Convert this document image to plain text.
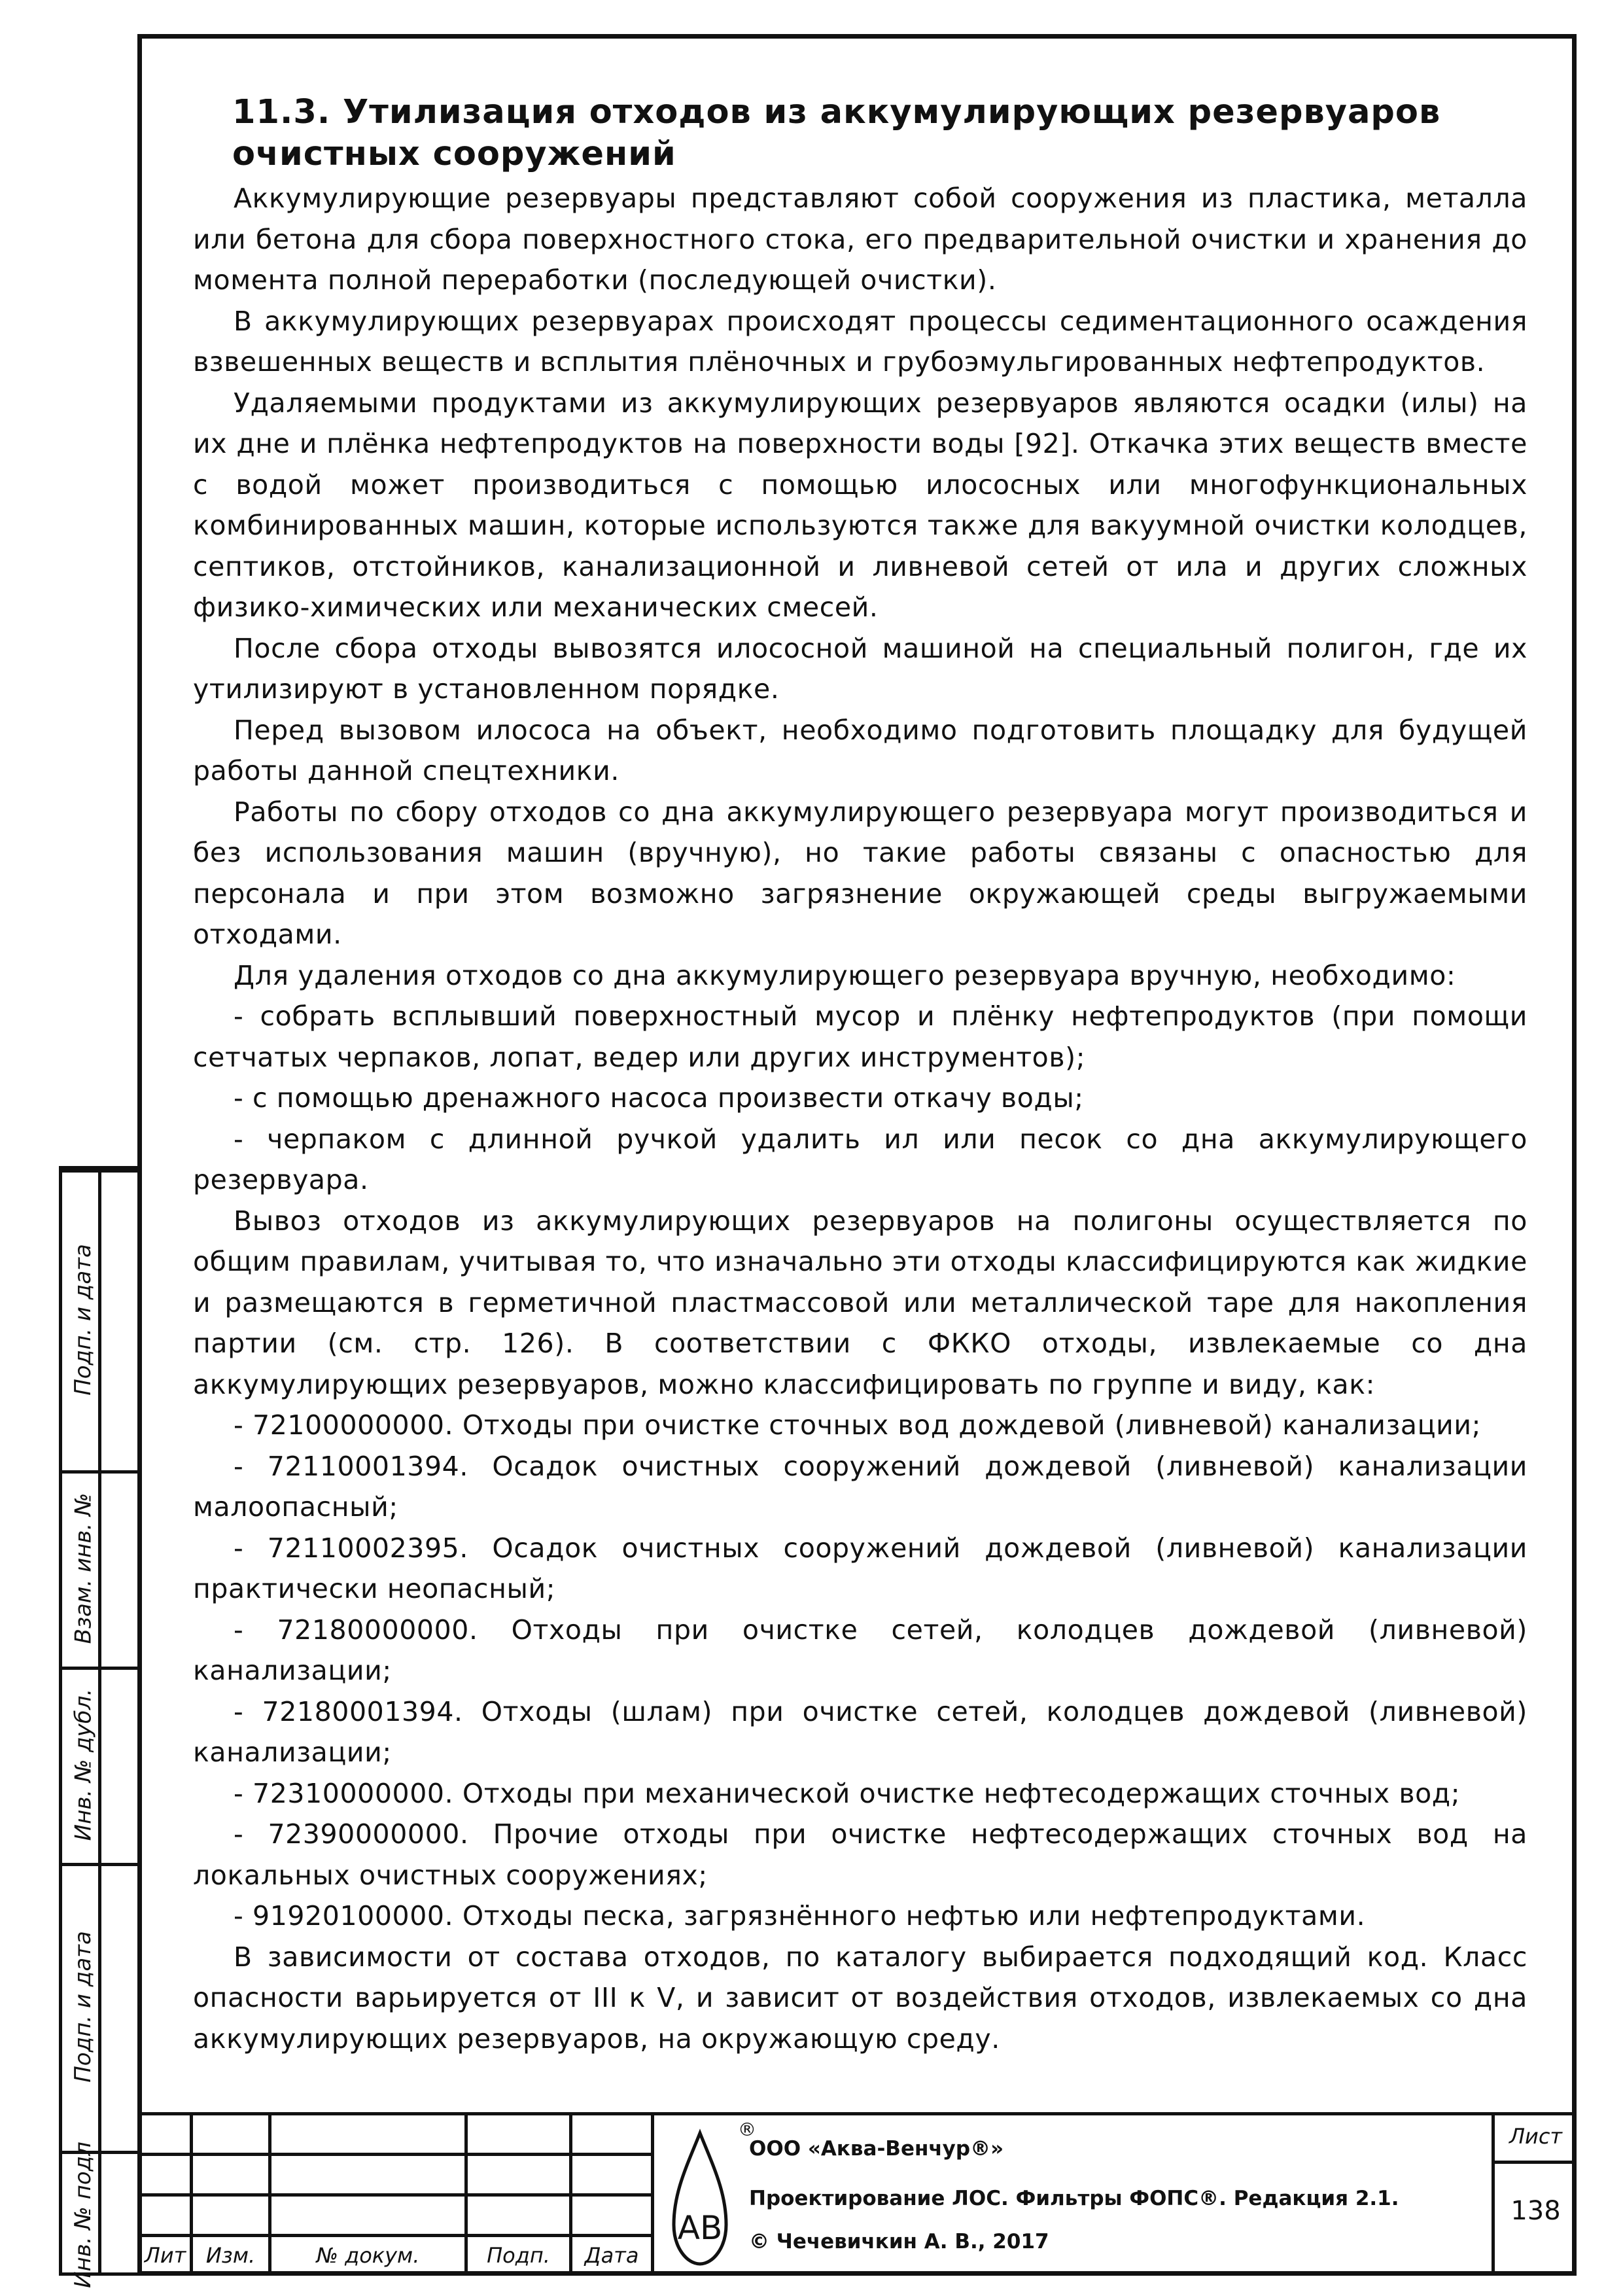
11.3. Утилизация отходов из аккумулирующих резервуаров очистных сооружений

Аккумулирующие резервуары представляют собой сооружения из пластика, металла или бетона для сбора поверхностного стока, его предварительной очистки и хранения до момента полной переработки (последующей очистки).

В аккумулирующих резервуарах происходят процессы седиментационного осаждения взвешенных веществ и всплытия плёночных и грубоэмульгированных нефтепродуктов.

Удаляемыми продуктами из аккумулирующих резервуаров являются осадки (илы) на их дне и плёнка нефтепродуктов на поверхности воды [92]. Откачка этих веществ вместе с водой может производиться с помощью илососных или многофункциональных комбинированных машин, которые используются также для вакуумной очистки колодцев, септиков, отстойников, канализационной и ливневой сетей от ила и других сложных физико-химических или механических смесей.

После сбора отходы вывозятся илососной машиной на специальный полигон, где их утилизируют в установленном порядке.

Перед вызовом илососа на объект, необходимо подготовить площадку для будущей работы данной спецтехники.

Работы по сбору отходов со дна аккумулирующего резервуара могут производиться и без использования машин (вручную), но такие работы связаны с опасностью для персонала и при этом возможно загрязнение окружающей среды выгружаемыми отходами.

Для удаления отходов со дна аккумулирующего резервуара вручную, необходимо:

- собрать всплывший поверхностный мусор и плёнку нефтепродуктов (при помощи сетчатых черпаков, лопат, ведер или других инструментов);

- с помощью дренажного насоса произвести откачу воды;

- черпаком с длинной ручкой удалить ил или песок со дна аккумулирующего резервуара.

Вывоз отходов из аккумулирующих резервуаров на полигоны осуществляется по общим правилам, учитывая то, что изначально эти отходы классифицируются как жидкие и размещаются в герметичной пластмассовой или металлической таре для накопления партии (см. стр. 126). В соответствии с ФККО отходы, извлекаемые со дна аккумулирующих резервуаров, можно классифицировать по группе и виду, как:

- 72100000000. Отходы при очистке сточных вод дождевой (ливневой) канализации;

- 72110001394. Осадок очистных сооружений дождевой (ливневой) канализации малоопасный;

- 72110002395. Осадок очистных сооружений дождевой (ливневой) канализации практически неопасный;

- 72180000000. Отходы при очистке сетей, колодцев дождевой (ливневой) канализации;

- 72180001394. Отходы (шлам) при очистке сетей, колодцев дождевой (ливневой) канализации;

- 72310000000. Отходы при механической очистке нефтесодержащих сточных вод;

- 72390000000. Прочие отходы при очистке нефтесодержащих сточных вод на локальных очистных сооружениях;

- 91920100000. Отходы песка, загрязнённого нефтью или нефтепродуктами.

В зависимости от состава отходов, по каталогу выбирается подходящий код. Класс опасности варьируется от III к V, и зависит от воздействия отходов, извлекаемых со дна аккумулирующих резервуаров, на окружающую среду.

Подп. и дата
Взам. инв. №
Инв. № дубл.
Подп. и дата
Инв. № подл Лит Изм.	№ докум.	Подп.	Дата
АВ
®
ООО «Аква-Венчур®»
Проектирование ЛОС. Фильтры ФОПС®. Редакция 2.1.
© Чечевичкин А. В., 2017
Лист
138
